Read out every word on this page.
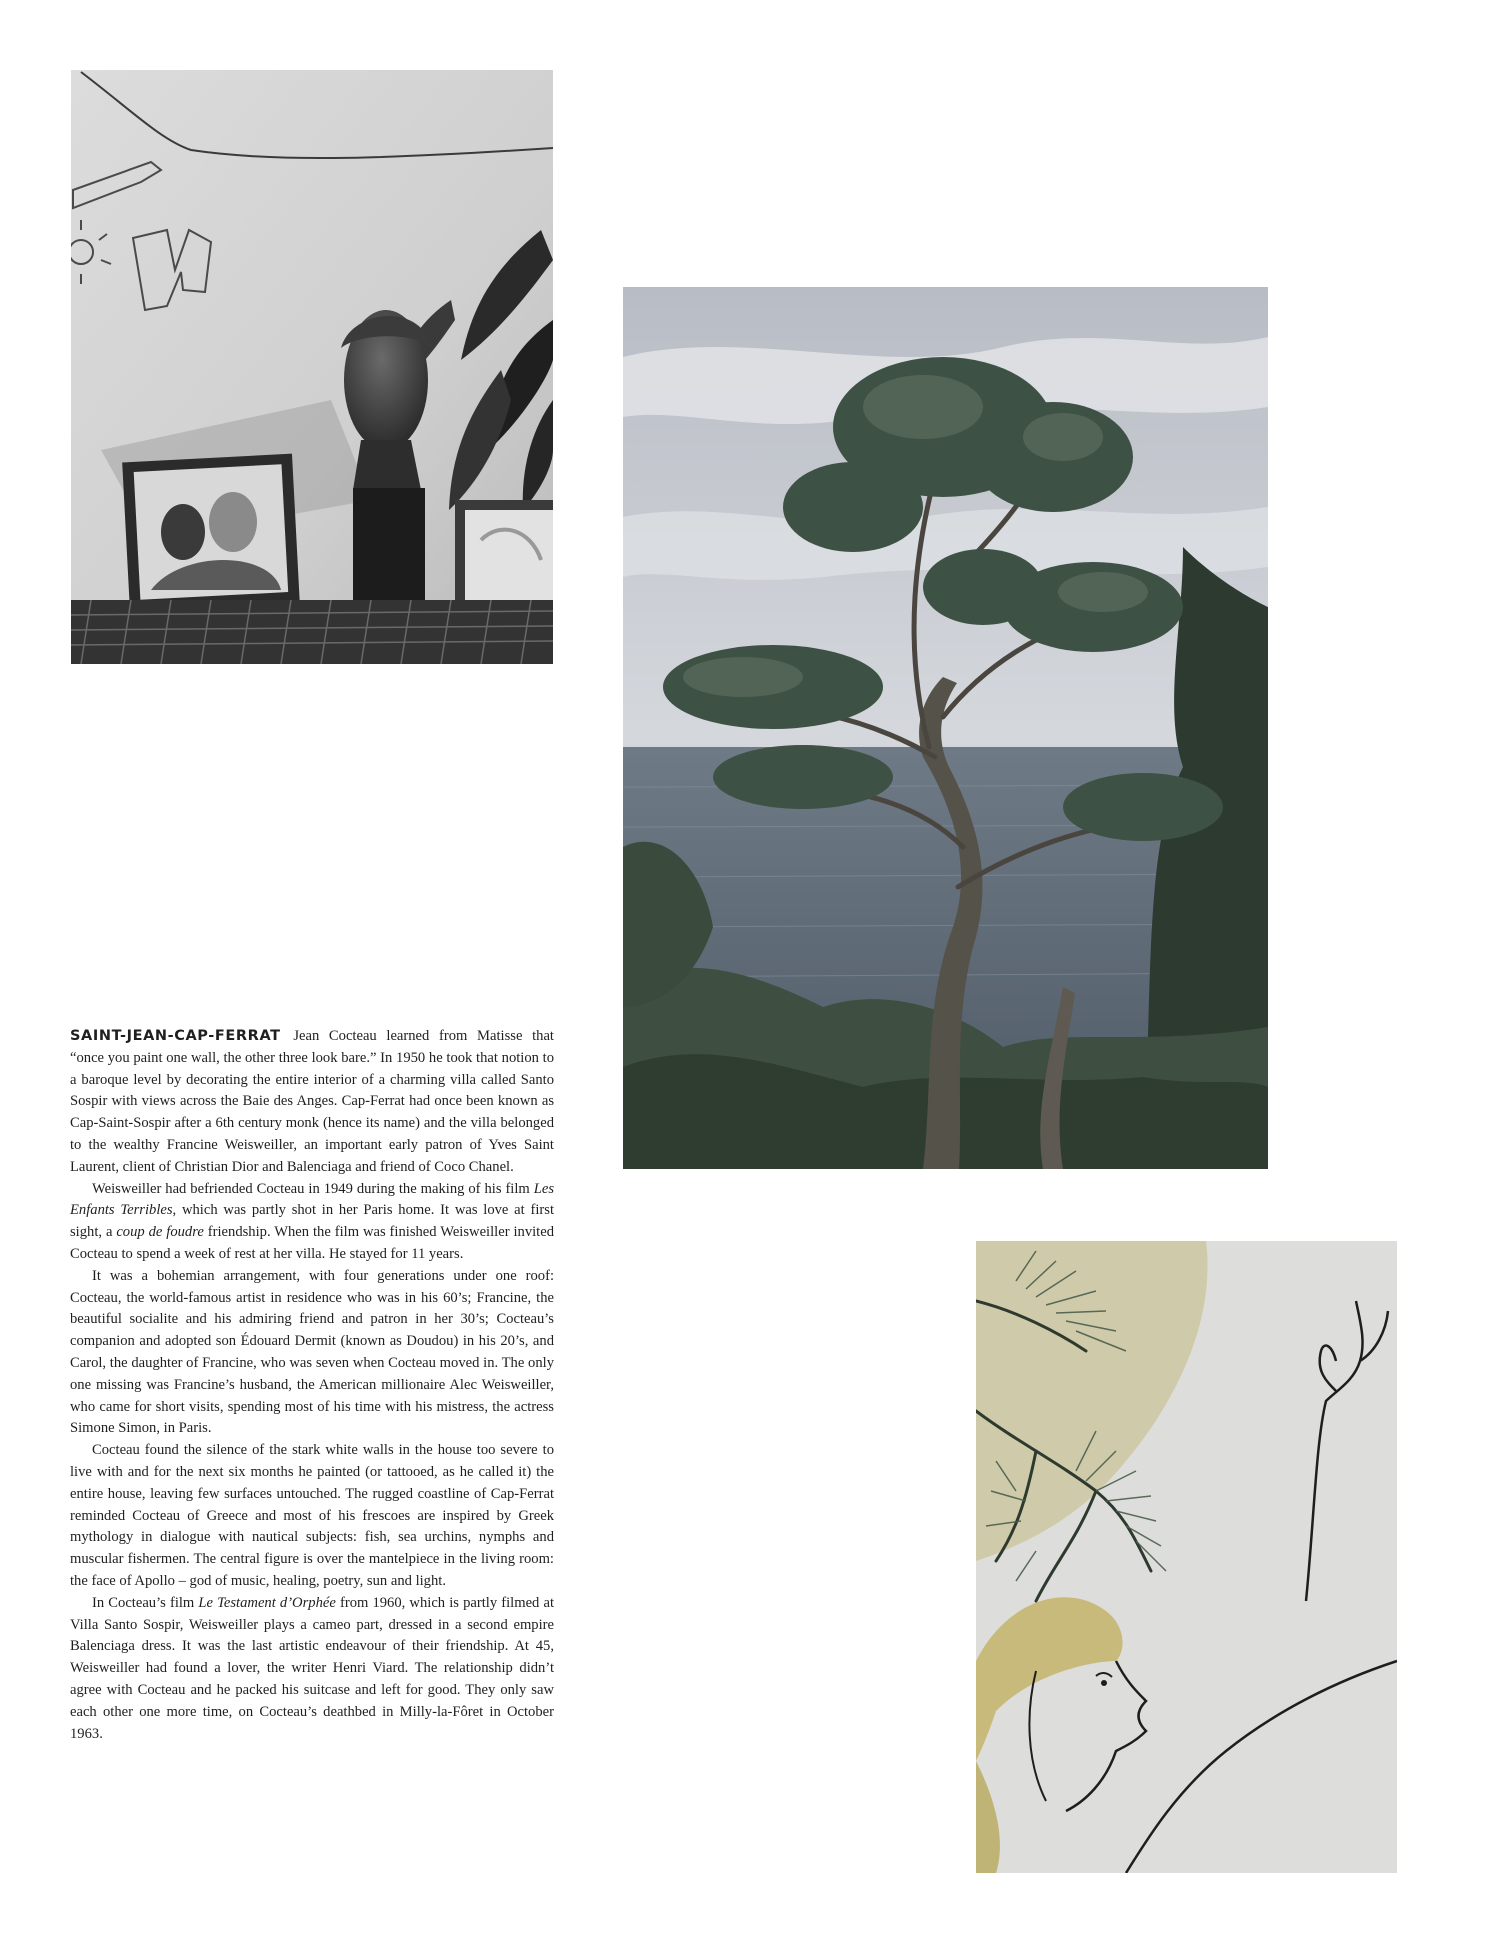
SAINT-JEAN-CAP-FERRAT Jean Cocteau learned from Matisse that “once you paint one wall, the other three look bare.” In 1950 he took that notion to a baroque level by decorating the entire interior of a charming villa called Santo Sospir with views across the Baie des Anges. Cap-Ferrat had once been known as Cap-Saint-Sospir after a 6th century monk (hence its name) and the villa belonged to the wealthy Francine Weisweiller, an important early patron of Yves Saint Laurent, client of Christian Dior and Balenciaga and friend of Coco Chanel.

Weisweiller had befriended Cocteau in 1949 during the making of his film Les Enfants Terribles, which was partly shot in her Paris home. It was love at first sight, a coup de foudre friendship. When the film was finished Weisweiller invited Cocteau to spend a week of rest at her villa. He stayed for 11 years.

It was a bohemian arrangement, with four generations under one roof: Cocteau, the world-famous artist in residence who was in his 60’s; Francine, the beautiful socialite and his admiring friend and patron in her 30’s; Cocteau’s companion and adopted son Édouard Dermit (known as Doudou) in his 20’s, and Carol, the daughter of Francine, who was seven when Cocteau moved in. The only one missing was Francine’s husband, the American millionaire Alec Weisweiller, who came for short visits, spending most of his time with his mistress, the actress Simone Simon, in Paris.

Cocteau found the silence of the stark white walls in the house too severe to live with and for the next six months he painted (or tattooed, as he called it) the entire house, leaving few surfaces untouched. The rugged coastline of Cap-Ferrat reminded Cocteau of Greece and most of his frescoes are inspired by Greek mythology in dialogue with nautical subjects: fish, sea urchins, nymphs and muscular fishermen. The central figure is over the mantelpiece in the living room: the face of Apollo – god of music, healing, poetry, sun and light.

In Cocteau’s film Le Testament d’Orphée from 1960, which is partly filmed at Villa Santo Sospir, Weisweiller plays a cameo part, dressed in a second empire Balenciaga dress. It was the last artistic endeavour of their friendship. At 45, Weisweiller had found a lover, the writer Henri Viard. The relationship didn’t agree with Cocteau and he packed his suitcase and left for good. They only saw each other one more time, on Cocteau’s deathbed in Milly-la-Fôret in October 1963.
